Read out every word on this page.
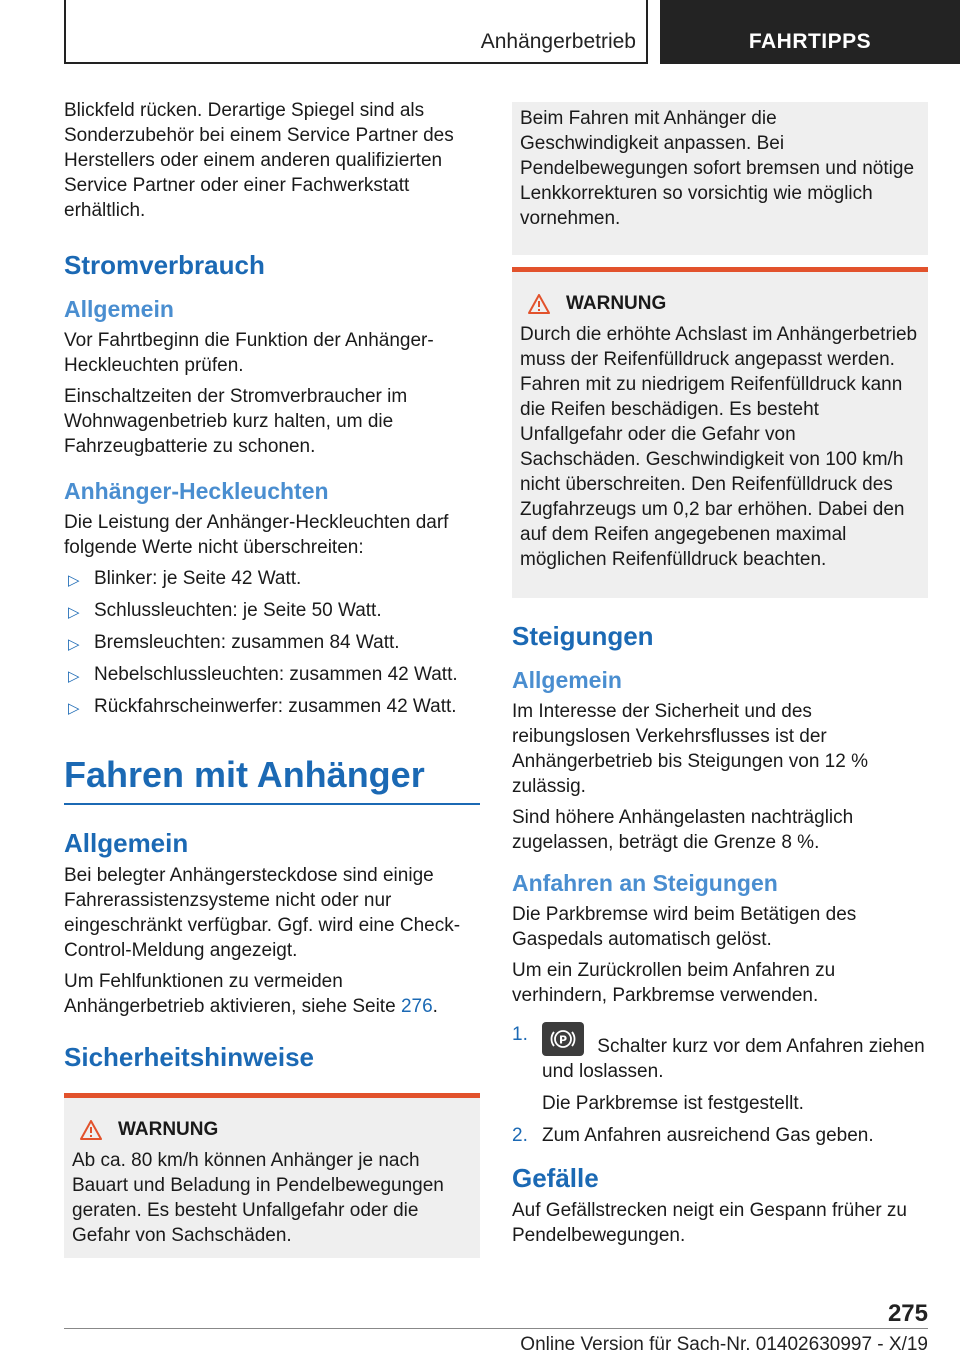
Anhängerbetrieb	FAHRTIPPS

Blickfeld rücken. Derartige Spiegel sind als Sonderzubehör bei einem Service Partner des Herstellers oder einem anderen qualifizierten Service Partner oder einer Fachwerkstatt erhältlich.

Stromverbrauch
Allgemein

Vor Fahrtbeginn die Funktion der Anhänger-Heckleuchten prüfen.

Einschaltzeiten der Stromverbraucher im Wohnwagenbetrieb kurz halten, um die Fahrzeugbatterie zu schonen.

Anhänger-Heckleuchten

Die Leistung der Anhänger-Heckleuchten darf folgende Werte nicht überschreiten:

▷ Blinker: je Seite 42 Watt.
▷ Schlussleuchten: je Seite 50 Watt.
▷ Bremsleuchten: zusammen 84 Watt.
▷ Nebelschlussleuchten: zusammen 42 Watt.
▷ Rückfahrscheinwerfer: zusammen 42 Watt.
Fahren mit Anhänger
Allgemein

Bei belegter Anhängersteckdose sind einige Fahrerassistenzsysteme nicht oder nur eingeschränkt verfügbar. Ggf. wird eine Check-Control-Meldung angezeigt.

Um Fehlfunktionen zu vermeiden Anhängerbetrieb aktivieren, siehe Seite 276.

Sicherheitshinweise
WARNUNG

Ab ca. 80 km/h können Anhänger je nach Bauart und Beladung in Pendelbewegungen geraten. Es besteht Unfallgefahr oder die Gefahr von Sachschäden.

Beim Fahren mit Anhänger die Geschwindigkeit anpassen. Bei Pendelbewegungen sofort bremsen und nötige Lenkkorrekturen so vorsichtig wie möglich vornehmen.

WARNUNG

Durch die erhöhte Achslast im Anhängerbetrieb muss der Reifenfülldruck angepasst werden. Fahren mit zu niedrigem Reifenfülldruck kann die Reifen beschädigen. Es besteht Unfallgefahr oder die Gefahr von Sachschäden. Geschwindigkeit von 100 km/h nicht überschreiten. Den Reifenfülldruck des Zugfahrzeugs um 0,2 bar erhöhen. Dabei den auf dem Reifen angegebenen maximal möglichen Reifenfülldruck beachten.

Steigungen
Allgemein

Im Interesse der Sicherheit und des reibungslosen Verkehrsflusses ist der Anhängerbetrieb bis Steigungen von 12 % zulässig.

Sind höhere Anhängelasten nachträglich zugelassen, beträgt die Grenze 8 %.

Anfahren an Steigungen

Die Parkbremse wird beim Betätigen des Gaspedals automatisch gelöst.

Um ein Zurückrollen beim Anfahren zu verhindern, Parkbremse verwenden.

1.	P Schalter kurz vor dem Anfahren ziehen und loslassen.
Die Parkbremse ist festgestellt.
2. Zum Anfahren ausreichend Gas geben.
Gefälle

Auf Gefällstrecken neigt ein Gespann früher zu Pendelbewegungen.

275
Online Version für Sach-Nr. 01402630997 - X/19
